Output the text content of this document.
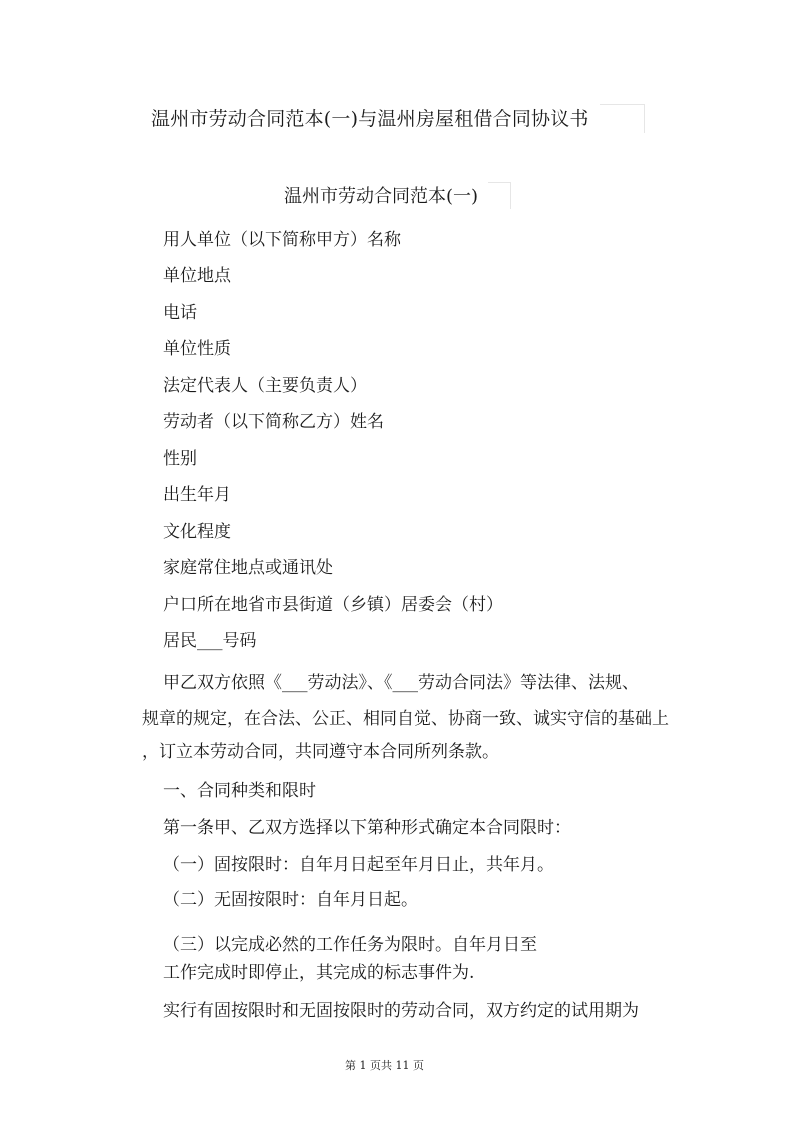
温州市劳动合同范本(一)与温州房屋租借合同协议书
温州市劳动合同范本(一)

用人单位（以下简称甲方）名称

单位地点

电话

单位性质

法定代表人（主要负责人）

劳动者（以下简称乙方）姓名

性别

出生年月

文化程度

家庭常住地点或通讯处

户口所在地省市县街道（乡镇）居委会（村）

居民___号码

甲乙双方依照《___劳动法》、《___劳动合同法》等法律、法规、

规章的规定，在合法、公正、相同自觉、协商一致、诚实守信的基础上

，订立本劳动合同，共同遵守本合同所列条款。

一、合同种类和限时

第一条甲、乙双方选择以下第种形式确定本合同限时：

（一）固按限时：自年月日起至年月日止，共年月。

（二）无固按限时：自年月日起。

（三）以完成必然的工作任务为限时。自年月日至

工作完成时即停止，其完成的标志事件为.

实行有固按限时和无固按限时的劳动合同，双方约定的试用期为

第 1 页共 11 页
